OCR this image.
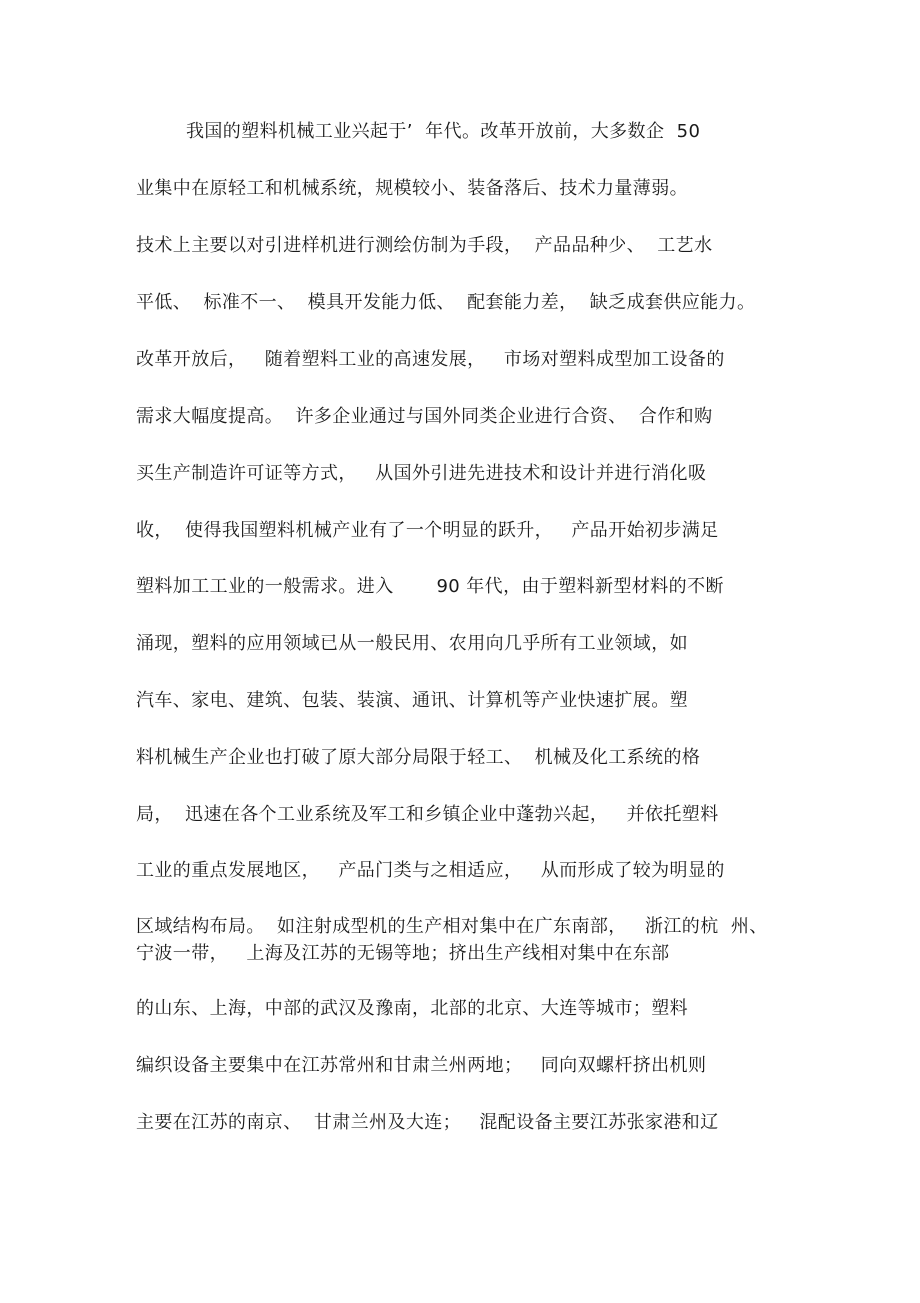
我国的塑料机械工业兴起于’  年代。改革开放前，大多数企  50
业集中在原轻工和机械系统，规模较小、装备落后、技术力量薄弱。
技术上主要以对引进样机进行测绘仿制为手段，  产品品种少、  工艺水
平低、  标准不一、  模具开发能力低、  配套能力差，  缺乏成套供应能力。
改革开放后，   随着塑料工业的高速发展，   市场对塑料成型加工设备的
需求大幅度提高。  许多企业通过与国外同类企业进行合资、  合作和购
买生产制造许可证等方式，   从国外引进先进技术和设计并进行消化吸
收，  使得我国塑料机械产业有了一个明显的跃升，   产品开始初步满足
塑料加工工业的一般需求。进入       90 年代，由于塑料新型材料的不断
涌现，塑料的应用领域已从一般民用、农用向几乎所有工业领域，如
汽车、家电、建筑、包装、装演、通讯、计算机等产业快速扩展。塑
料机械生产企业也打破了原大部分局限于轻工、  机械及化工系统的格
局，  迅速在各个工业系统及军工和乡镇企业中蓬勃兴起，   并依托塑料
工业的重点发展地区，   产品门类与之相适应，   从而形成了较为明显的
区域结构布局。  如注射成型机的生产相对集中在广东南部，   浙江的杭  州、
宁波一带，   上海及江苏的无锡等地；挤出生产线相对集中在东部
的山东、上海，中部的武汉及豫南，北部的北京、大连等城市；塑料
编织设备主要集中在江苏常州和甘肃兰州两地；   同向双螺杆挤出机则
主要在江苏的南京、  甘肃兰州及大连；   混配设备主要江苏张家港和辽
